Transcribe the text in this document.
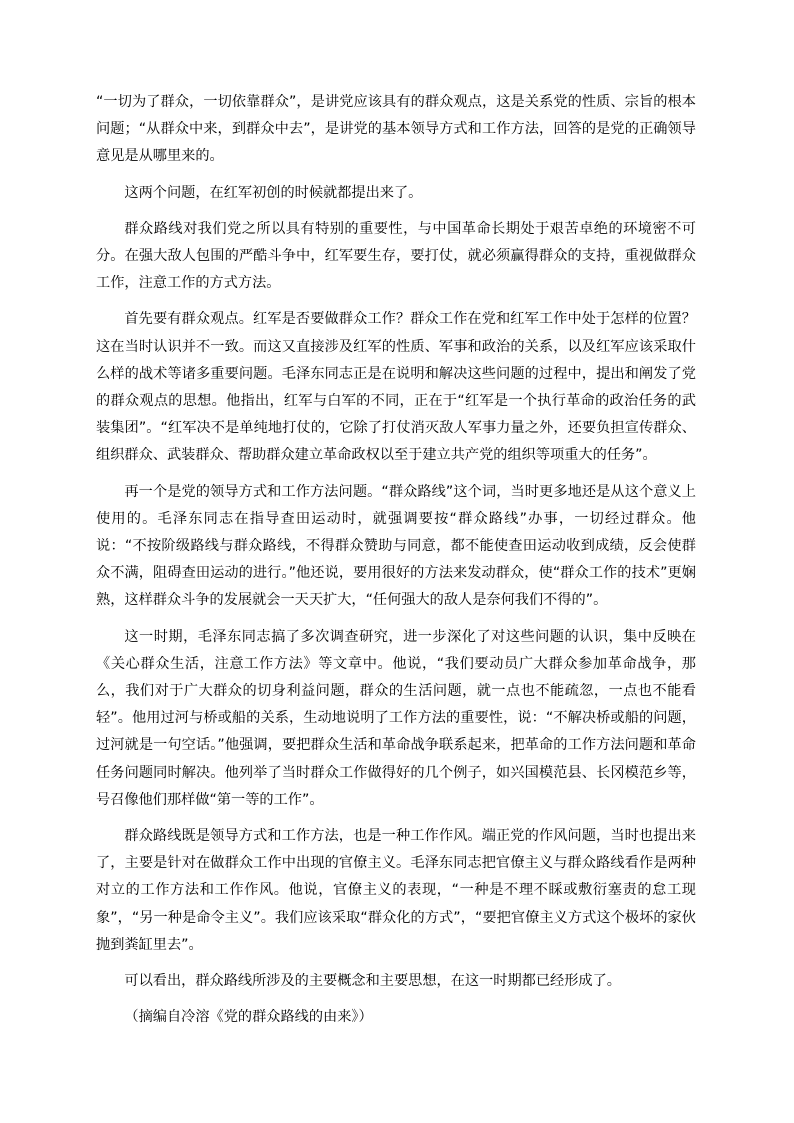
“一切为了群众，一切依靠群众”，是讲党应该具有的群众观点，这是关系党的性质、宗旨的根本问题；“从群众中来，到群众中去”，是讲党的基本领导方式和工作方法，回答的是党的正确领导意见是从哪里来的。

这两个问题，在红军初创的时候就都提出来了。

群众路线对我们党之所以具有特别的重要性，与中国革命长期处于艰苦卓绝的环境密不可分。在强大敌人包围的严酷斗争中，红军要生存，要打仗，就必须赢得群众的支持，重视做群众工作，注意工作的方式方法。

首先要有群众观点。红军是否要做群众工作？群众工作在党和红军工作中处于怎样的位置？这在当时认识并不一致。而这又直接涉及红军的性质、军事和政治的关系，以及红军应该采取什么样的战术等诸多重要问题。毛泽东同志正是在说明和解决这些问题的过程中，提出和阐发了党的群众观点的思想。他指出，红军与白军的不同，正在于“红军是一个执行革命的政治任务的武装集团”。“红军决不是单纯地打仗的，它除了打仗消灭敌人军事力量之外，还要负担宣传群众、组织群众、武装群众、帮助群众建立革命政权以至于建立共产党的组织等项重大的任务”。

再一个是党的领导方式和工作方法问题。“群众路线”这个词，当时更多地还是从这个意义上使用的。毛泽东同志在指导查田运动时，就强调要按“群众路线”办事，一切经过群众。他说：“不按阶级路线与群众路线，不得群众赞助与同意，都不能使查田运动收到成绩，反会使群众不满，阻碍查田运动的进行。”他还说，要用很好的方法来发动群众，使“群众工作的技术”更娴熟，这样群众斗争的发展就会一天天扩大，“任何强大的敌人是奈何我们不得的”。

这一时期，毛泽东同志搞了多次调查研究，进一步深化了对这些问题的认识，集中反映在《关心群众生活，注意工作方法》等文章中。他说，“我们要动员广大群众参加革命战争，那么，我们对于广大群众的切身利益问题，群众的生活问题，就一点也不能疏忽，一点也不能看轻”。他用过河与桥或船的关系，生动地说明了工作方法的重要性，说：“不解决桥或船的问题，过河就是一句空话。”他强调，要把群众生活和革命战争联系起来，把革命的工作方法问题和革命任务问题同时解决。他列举了当时群众工作做得好的几个例子，如兴国模范县、长冈模范乡等，号召像他们那样做“第一等的工作”。

群众路线既是领导方式和工作方法，也是一种工作作风。端正党的作风问题，当时也提出来了，主要是针对在做群众工作中出现的官僚主义。毛泽东同志把官僚主义与群众路线看作是两种对立的工作方法和工作作风。他说，官僚主义的表现，“一种是不理不睬或敷衍塞责的怠工现象”，“另一种是命令主义”。我们应该采取“群众化的方式”，“要把官僚主义方式这个极坏的家伙抛到粪缸里去”。

可以看出，群众路线所涉及的主要概念和主要思想，在这一时期都已经形成了。

（摘编自冷溶《党的群众路线的由来》）
